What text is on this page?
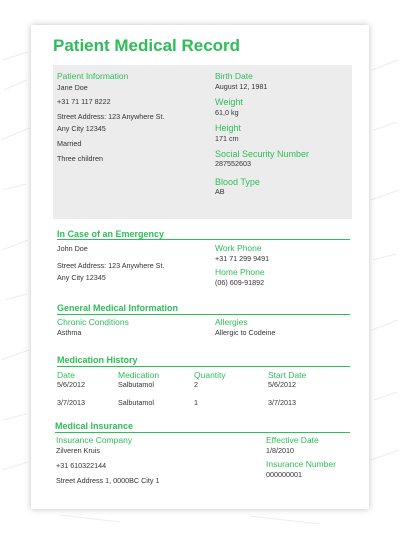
Patient Medical Record
Patient Information
Jane Doe
+31 71 117 8222
Street Address: 123 Anywhere St.
Any City 12345
Married
Three children
Birth Date
August 12, 1981
Weight
61,0 kg
Height
171 cm
Social Security Number
287552603
Blood Type
AB
In Case of an Emergency
John Doe
Street Address: 123 Anywhere St.
Any City 12345
Work Phone
+31 71 299 9491
Home Phone
(06) 609-91892
General Medical Information
Chronic Conditions
Asthma
Allergies
Allergic to Codeine
Medication History
Date	Medication	Quantity	Start Date
5/6/2012	Salbutamol	2	5/6/2012
3/7/2013	Salbutamol	1	3/7/2013
Medical Insurance
Insurance Company
Zilveren Kruis
+31 610322144
Street Address 1, 0000BC City 1
Effective Date
1/8/2010
Insurance Number
000000001
